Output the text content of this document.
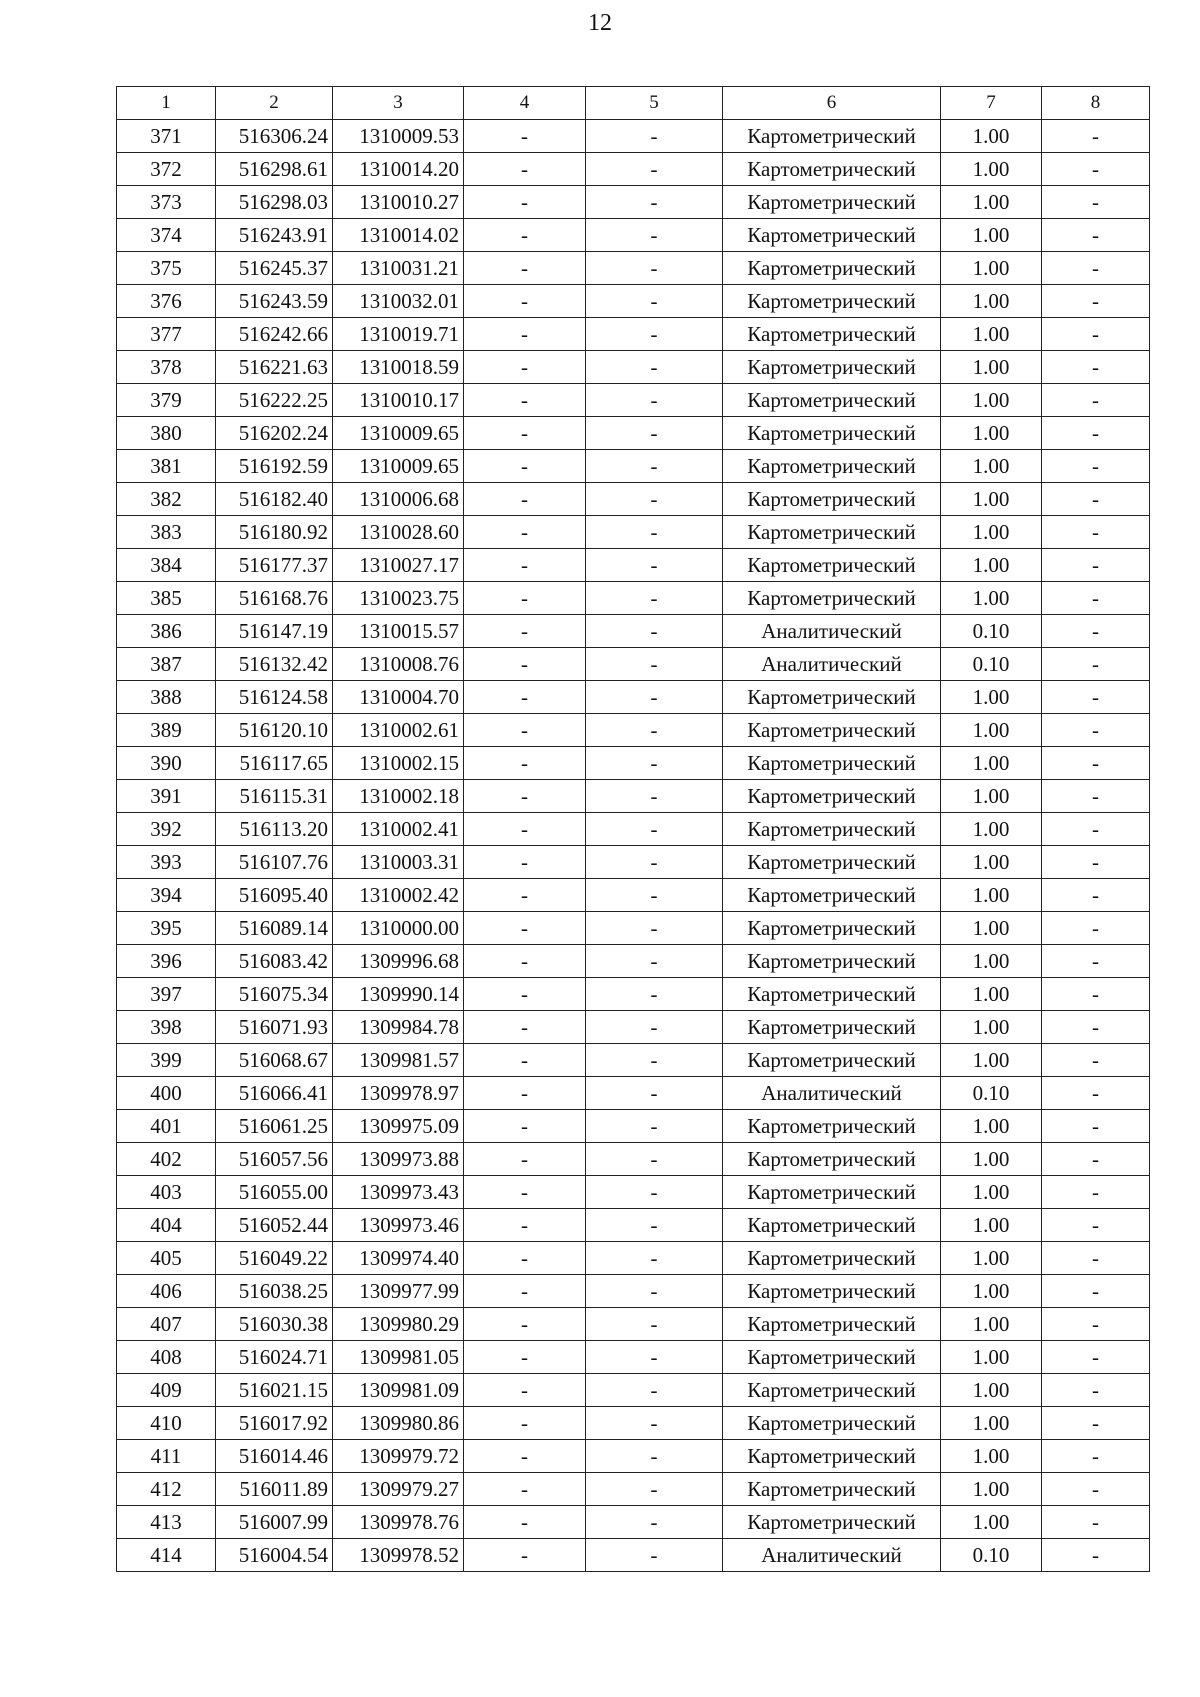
12
1	2	3	4	5	6	7	8
371	516306.24	1310009.53	-	-	Картометрический	1.00	-
372	516298.61	1310014.20	-	-	Картометрический	1.00	-
373	516298.03	1310010.27	-	-	Картометрический	1.00	-
374	516243.91	1310014.02	-	-	Картометрический	1.00	-
375	516245.37	1310031.21	-	-	Картометрический	1.00	-
376	516243.59	1310032.01	-	-	Картометрический	1.00	-
377	516242.66	1310019.71	-	-	Картометрический	1.00	-
378	516221.63	1310018.59	-	-	Картометрический	1.00	-
379	516222.25	1310010.17	-	-	Картометрический	1.00	-
380	516202.24	1310009.65	-	-	Картометрический	1.00	-
381	516192.59	1310009.65	-	-	Картометрический	1.00	-
382	516182.40	1310006.68	-	-	Картометрический	1.00	-
383	516180.92	1310028.60	-	-	Картометрический	1.00	-
384	516177.37	1310027.17	-	-	Картометрический	1.00	-
385	516168.76	1310023.75	-	-	Картометрический	1.00	-
386	516147.19	1310015.57	-	-	Аналитический	0.10	-
387	516132.42	1310008.76	-	-	Аналитический	0.10	-
388	516124.58	1310004.70	-	-	Картометрический	1.00	-
389	516120.10	1310002.61	-	-	Картометрический	1.00	-
390	516117.65	1310002.15	-	-	Картометрический	1.00	-
391	516115.31	1310002.18	-	-	Картометрический	1.00	-
392	516113.20	1310002.41	-	-	Картометрический	1.00	-
393	516107.76	1310003.31	-	-	Картометрический	1.00	-
394	516095.40	1310002.42	-	-	Картометрический	1.00	-
395	516089.14	1310000.00	-	-	Картометрический	1.00	-
396	516083.42	1309996.68	-	-	Картометрический	1.00	-
397	516075.34	1309990.14	-	-	Картометрический	1.00	-
398	516071.93	1309984.78	-	-	Картометрический	1.00	-
399	516068.67	1309981.57	-	-	Картометрический	1.00	-
400	516066.41	1309978.97	-	-	Аналитический	0.10	-
401	516061.25	1309975.09	-	-	Картометрический	1.00	-
402	516057.56	1309973.88	-	-	Картометрический	1.00	-
403	516055.00	1309973.43	-	-	Картометрический	1.00	-
404	516052.44	1309973.46	-	-	Картометрический	1.00	-
405	516049.22	1309974.40	-	-	Картометрический	1.00	-
406	516038.25	1309977.99	-	-	Картометрический	1.00	-
407	516030.38	1309980.29	-	-	Картометрический	1.00	-
408	516024.71	1309981.05	-	-	Картометрический	1.00	-
409	516021.15	1309981.09	-	-	Картометрический	1.00	-
410	516017.92	1309980.86	-	-	Картометрический	1.00	-
411	516014.46	1309979.72	-	-	Картометрический	1.00	-
412	516011.89	1309979.27	-	-	Картометрический	1.00	-
413	516007.99	1309978.76	-	-	Картометрический	1.00	-
414	516004.54	1309978.52	-	-	Аналитический	0.10	-
